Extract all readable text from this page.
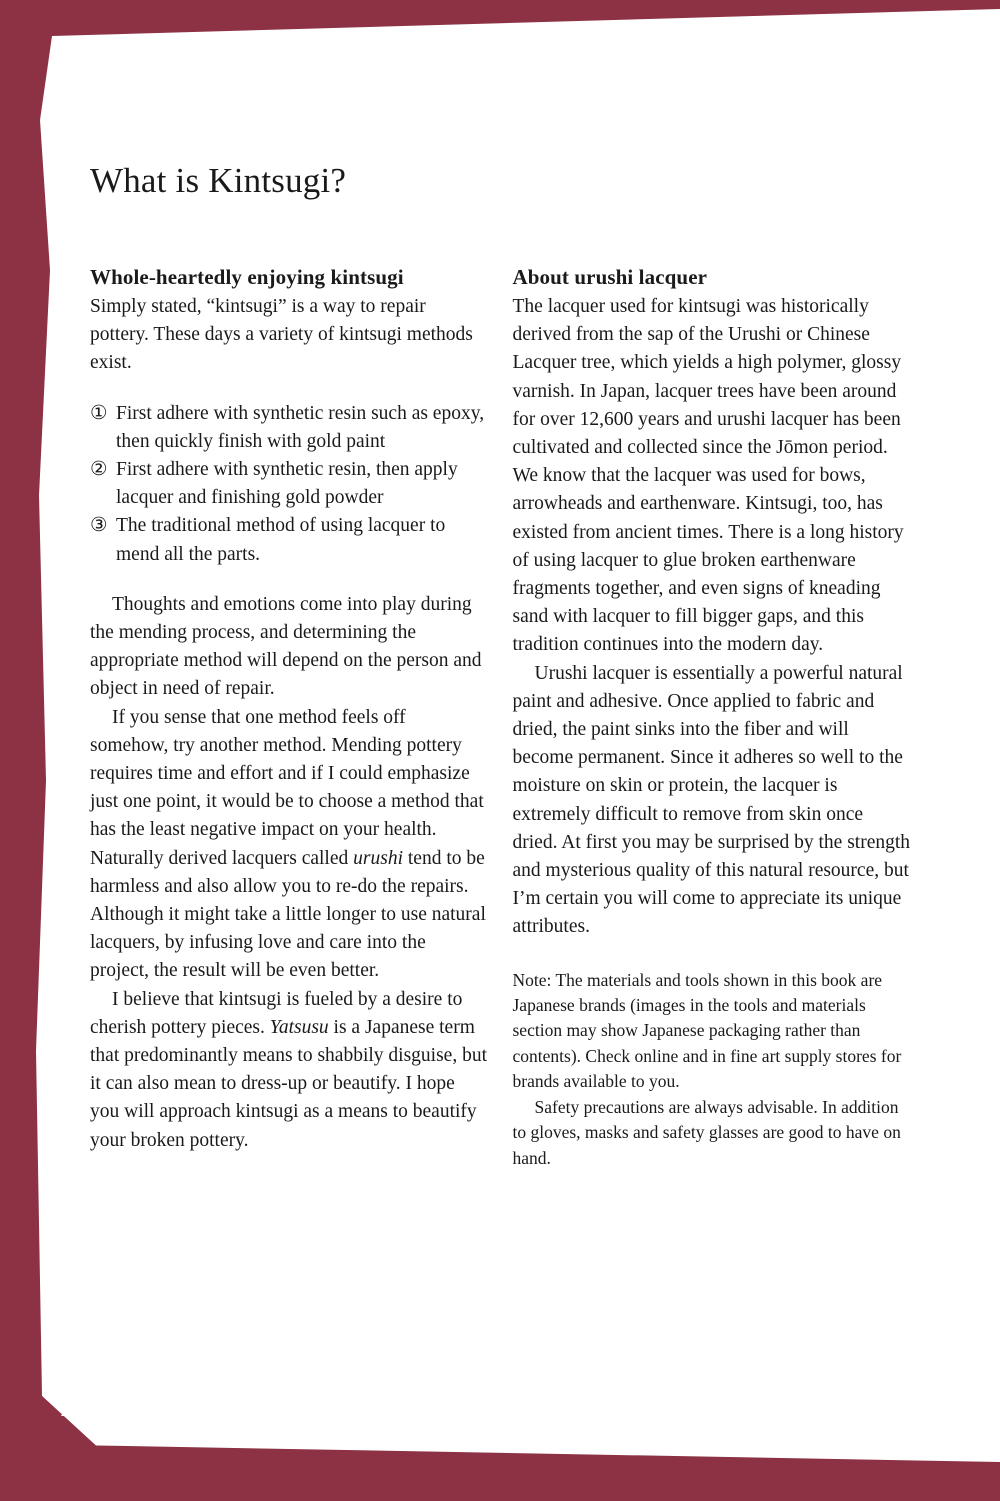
What is Kintsugi?
Whole-heartedly enjoying kintsugi

Simply stated, “kintsugi” is a way to repair pottery. These days a variety of kintsugi methods exist.

① First adhere with synthetic resin such as epoxy, then quickly finish with gold paint
② First adhere with synthetic resin, then apply lacquer and finishing gold powder
③ The traditional method of using lacquer to mend all the parts.

Thoughts and emotions come into play during the mending process, and determining the appropriate method will depend on the person and object in need of repair.

If you sense that one method feels off somehow, try another method. Mending pottery requires time and effort and if I could emphasize just one point, it would be to choose a method that has the least negative impact on your health. Naturally derived lacquers called urushi tend to be harmless and also allow you to re-do the repairs. Although it might take a little longer to use natural lacquers, by infusing love and care into the project, the result will be even better.

I believe that kintsugi is fueled by a desire to cherish pottery pieces. Yatsusu is a Japanese term that predominantly means to shabbily disguise, but it can also mean to dress-up or beautify. I hope you will approach kintsugi as a means to beautify your broken pottery.

About urushi lacquer

The lacquer used for kintsugi was historically derived from the sap of the Urushi or Chinese Lacquer tree, which yields a high polymer, glossy varnish. In Japan, lacquer trees have been around for over 12,600 years and urushi lacquer has been cultivated and collected since the Jōmon period. We know that the lacquer was used for bows, arrowheads and earthenware. Kintsugi, too, has existed from ancient times. There is a long history of using lacquer to glue broken earthenware fragments together, and even signs of kneading sand with lacquer to fill bigger gaps, and this tradition continues into the modern day.

Urushi lacquer is essentially a powerful natural paint and adhesive. Once applied to fabric and dried, the paint sinks into the fiber and will become permanent. Since it adheres so well to the moisture on skin or protein, the lacquer is extremely difficult to remove from skin once dried. At first you may be surprised by the strength and mysterious quality of this natural resource, but I’m certain you will come to appreciate its unique attributes.

Note: The materials and tools shown in this book are Japanese brands (images in the tools and materials section may show Japanese packaging rather than contents). Check online and in fine art supply stores for brands available to you.

Safety precautions are always advisable. In addition to gloves, masks and safety glasses are good to have on hand.

16
